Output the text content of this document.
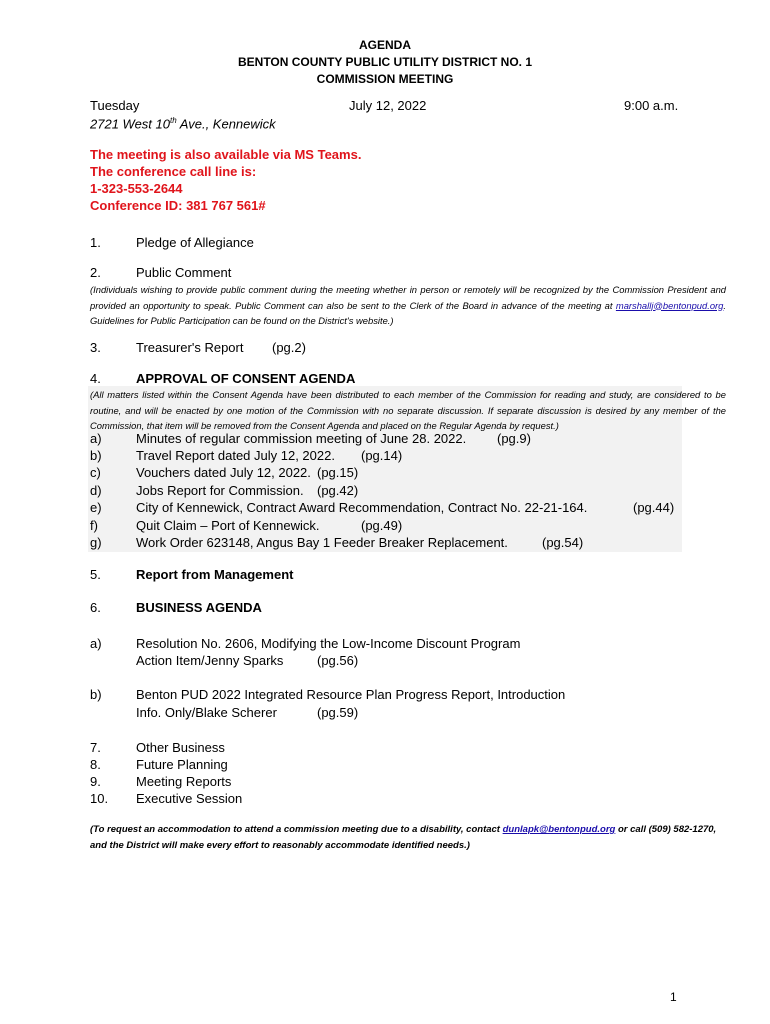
AGENDA
BENTON COUNTY PUBLIC UTILITY DISTRICT NO. 1
COMMISSION MEETING
Tuesday	July 12, 2022	9:00 a.m.
2721 West 10th Ave., Kennewick
The meeting is also available via MS Teams.
The conference call line is:
1-323-553-2644
Conference ID: 381 767 561#
1.	Pledge of Allegiance
2.	Public Comment
(Individuals wishing to provide public comment during the meeting whether in person or remotely will be recognized by the Commission President and provided an opportunity to speak. Public Comment can also be sent to the Clerk of the Board in advance of the meeting at marshallj@bentonpud.org. Guidelines for Public Participation can be found on the District's website.)
3.	Treasurer's Report (pg.2)
4.	APPROVAL OF CONSENT AGENDA
(All matters listed within the Consent Agenda have been distributed to each member of the Commission for reading and study, are considered to be routine, and will be enacted by one motion of the Commission with no separate discussion. If separate discussion is desired by any member of the Commission, that item will be removed from the Consent Agenda and placed on the Regular Agenda by request.)
a)	Minutes of regular commission meeting of June 28. 2022. (pg.9)
b)	Travel Report dated July 12, 2022. (pg.14)
c)	Vouchers dated July 12, 2022. (pg.15)
d)	Jobs Report for Commission. (pg.42)
e)	City of Kennewick, Contract Award Recommendation, Contract No. 22-21-164.	(pg.44)
f)	Quit Claim – Port of Kennewick.	(pg.49)
g)	Work Order 623148, Angus Bay 1 Feeder Breaker Replacement.	(pg.54)
5.	Report from Management
6.	BUSINESS AGENDA
a)	Resolution No. 2606, Modifying the Low-Income Discount Program
Action Item/Jenny Sparks	(pg.56)
b)	Benton PUD 2022 Integrated Resource Plan Progress Report, Introduction
Info. Only/Blake Scherer	(pg.59)
7.	Other Business
8.	Future Planning
9.	Meeting Reports
10. Executive Session
(To request an accommodation to attend a commission meeting due to a disability, contact dunlapk@bentonpud.org or call (509) 582-1270, and the District will make every effort to reasonably accommodate identified needs.)
1
